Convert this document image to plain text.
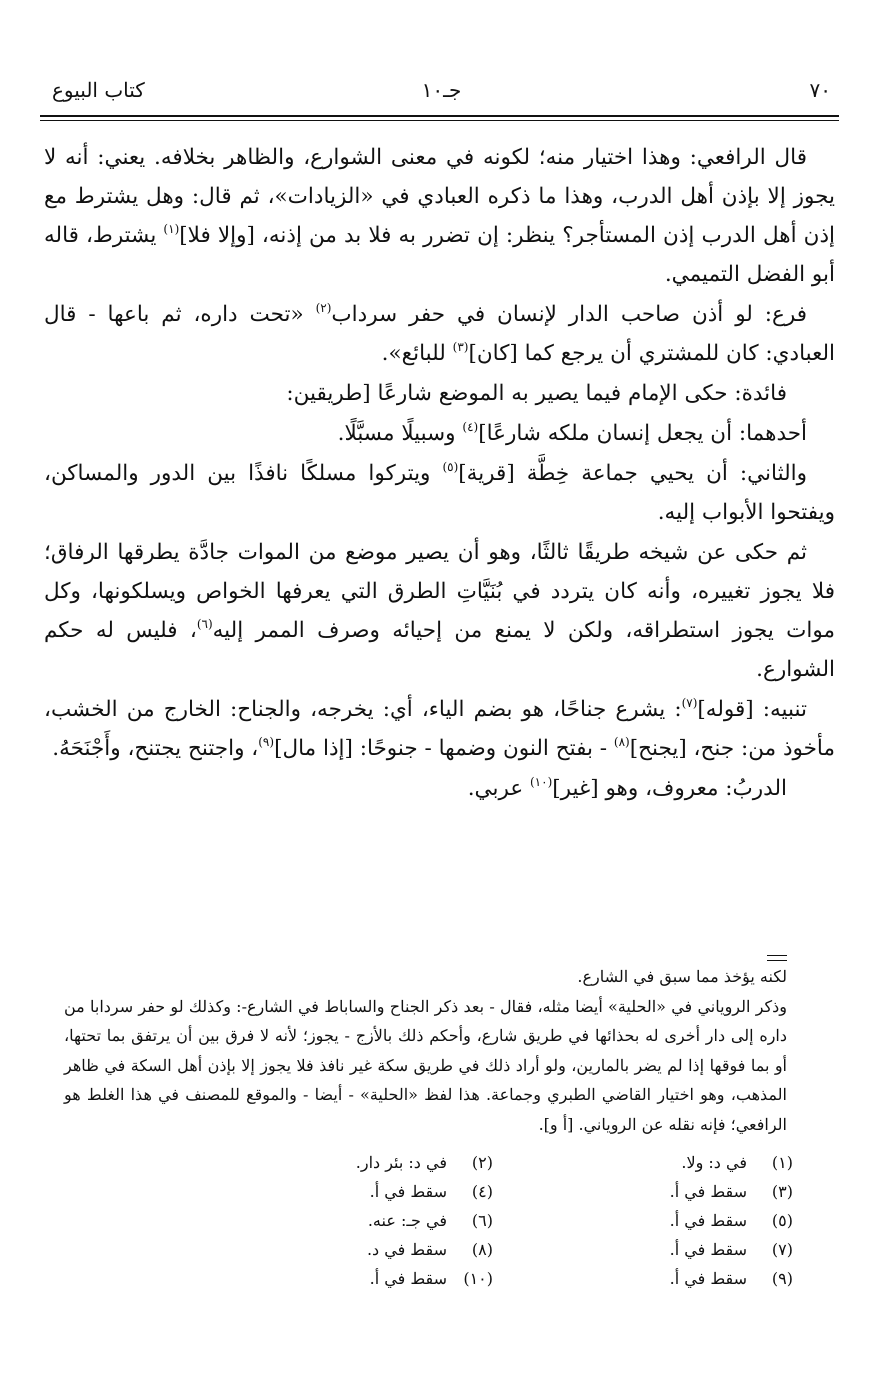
٧٠
جـ١٠
كتاب البيوع

قال الرافعي: وهذا اختيار منه؛ لكونه في معنى الشوارع، والظاهر بخلافه. يعني: أنه لا يجوز إلا بإذن أهل الدرب، وهذا ما ذكره العبادي في «الزيادات»، ثم قال: وهل يشترط مع إذن أهل الدرب إذن المستأجر؟ ينظر: إن تضرر به فلا بد من إذنه، [وإلا فلا]$^{(١)}$ يشترط، قاله أبو الفضل التميمي.

فرع: لو أذن صاحب الدار لإنسان في حفر سرداب$^{(٢)}$ «تحت داره، ثم باعها - قال العبادي: كان للمشتري أن يرجع كما [كان]$^{(٣)}$ للبائع».

فائدة: حكى الإمام فيما يصير به الموضع شارعًا [طريقين:

أحدهما: أن يجعل إنسان ملكه شارعًا]$^{(٤)}$ وسبيلًا مسبَّلًا.

والثاني: أن يحيي جماعة خِطَّة [قرية]$^{(٥)}$ ويتركوا مسلكًا نافذًا بين الدور والمساكن، ويفتحوا الأبواب إليه.

ثم حكى عن شيخه طريقًا ثالثًا، وهو أن يصير موضع من الموات جادَّة يطرقها الرفاق؛ فلا يجوز تغييره، وأنه كان يتردد في بُنَيَّاتِ الطرق التي يعرفها الخواص ويسلكونها، وكل موات يجوز استطراقه، ولكن لا يمنع من إحيائه وصرف الممر إليه$^{(٦)}$، فليس له حكم الشوارع.

تنبيه: [قوله]$^{(٧)}$: يشرع جناحًا، هو بضم الياء، أي: يخرجه، والجناح: الخارج من الخشب، مأخوذ من: جنح، [يجنح]$^{(٨)}$ - بفتح النون وضمها - جنوحًا: [إذا مال]$^{(٩)}$، واجتنح يجتنح، وأَجْنَحَهُ.

الدربُ: معروف، وهو [غير]$^{(١٠)}$ عربي.

لكنه يؤخذ مما سبق في الشارع.

وذكر الروياني في «الحلية» أيضا مثله، فقال - بعد ذكر الجناح والساباط في الشارع-: وكذلك لو حفر سردابا من داره إلى دار أخرى له بحذائها في طريق شارع، وأحكم ذلك بالأزج - يجوز؛ لأنه لا فرق بين أن يرتفق بما تحتها، أو بما فوقها إذا لم يضر بالمارين، ولو أراد ذلك في طريق سكة غير نافذ فلا يجوز إلا بإذن أهل السكة في ظاهر المذهب، وهو اختيار القاضي الطبري وجماعة. هذا لفظ «الحلية» - أيضا - والموقع للمصنف في هذا الغلط هو الرافعي؛ فإنه نقله عن الروياني. [أ و].

(١)في د: ولا.
(٢)في د: بئر دار.
(٣)سقط في أ.
(٤)سقط في أ.
(٥)سقط في أ.
(٦)في جـ: عنه.
(٧)سقط في أ.
(٨)سقط في د.
(٩)سقط في أ.
(١٠)سقط في أ.
